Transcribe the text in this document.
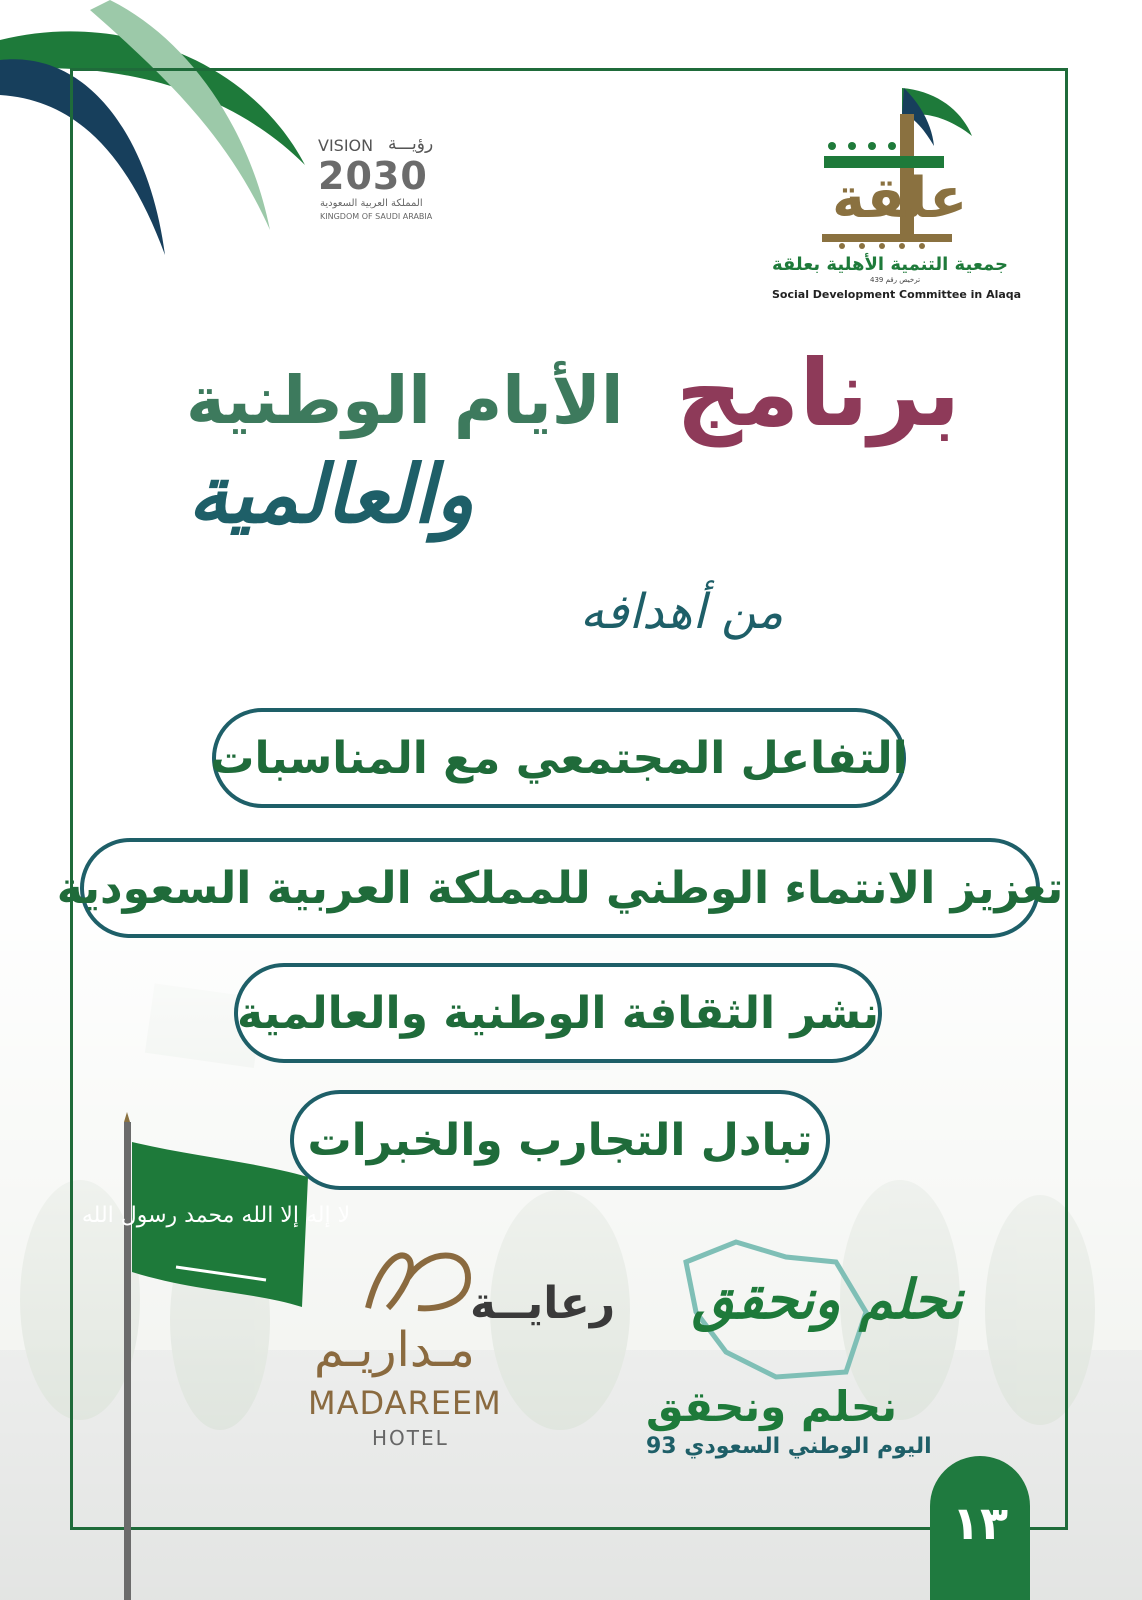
VISION رؤيـــة
2030
المملكة العربية السعودية
KINGDOM OF SAUDI ARABIA	علقة
جمعية التنمية الأهلية بعلقة
ترخيص رقم 439
Social Development Committee in Alaqa
برنامج
الأيام الوطنية
والعالمية
من أهدافه
التفاعل المجتمعي مع المناسبات
تعزيز الانتماء الوطني للمملكة العربية السعودية
نشر الثقافة الوطنية والعالمية
تبادل التجارب والخبرات
لا إله إلا الله محمد رسول الله
رعايــة
مـداريـم
MADAREEM
HOTEL
نحلم ونحقق
نحلم ونحقق
اليوم الوطني السعودي 93
١٣
